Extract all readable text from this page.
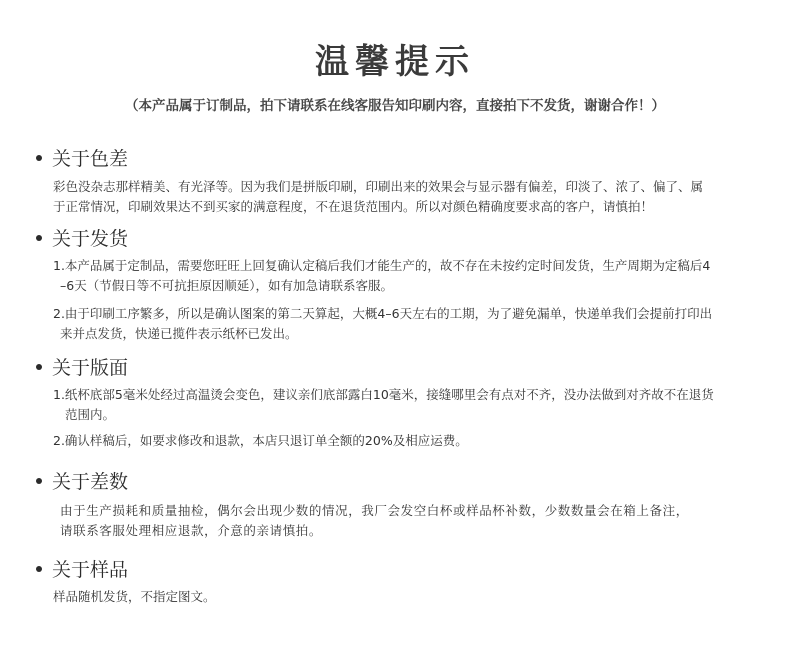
温馨提示
（本产品属于订制品，拍下请联系在线客服告知印刷内容，直接拍下不发货，谢谢合作！）
关于色差
彩色没杂志那样精美、有光泽等。因为我们是拼版印刷，印刷出来的效果会与显示器有偏差，印淡了、浓了、偏了、属
于正常情况，印刷效果达不到买家的满意程度，不在退货范围内。所以对颜色精确度要求高的客户，请慎拍！
关于发货
1.本产品属于定制品，需要您旺旺上回复确认定稿后我们才能生产的，故不存在未按约定时间发货，生产周期为定稿后4
–6天（节假日等不可抗拒原因顺延），如有加急请联系客服。
2.由于印刷工序繁多，所以是确认图案的第二天算起，大概4–6天左右的工期，为了避免漏单，快递单我们会提前打印出
来并点发货，快递已揽件表示纸杯已发出。
关于版面
1.纸杯底部5毫米处经过高温烫会变色，建议亲们底部露白10毫米，接缝哪里会有点对不齐，没办法做到对齐故不在退货
范围内。
2.确认样稿后，如要求修改和退款，本店只退订单全额的20%及相应运费。
关于差数
由于生产损耗和质量抽检，偶尔会出现少数的情况，我厂会发空白杯或样品杯补数，少数数量会在箱上备注，
请联系客服处理相应退款，介意的亲请慎拍。
关于样品
样品随机发货，不指定图文。
